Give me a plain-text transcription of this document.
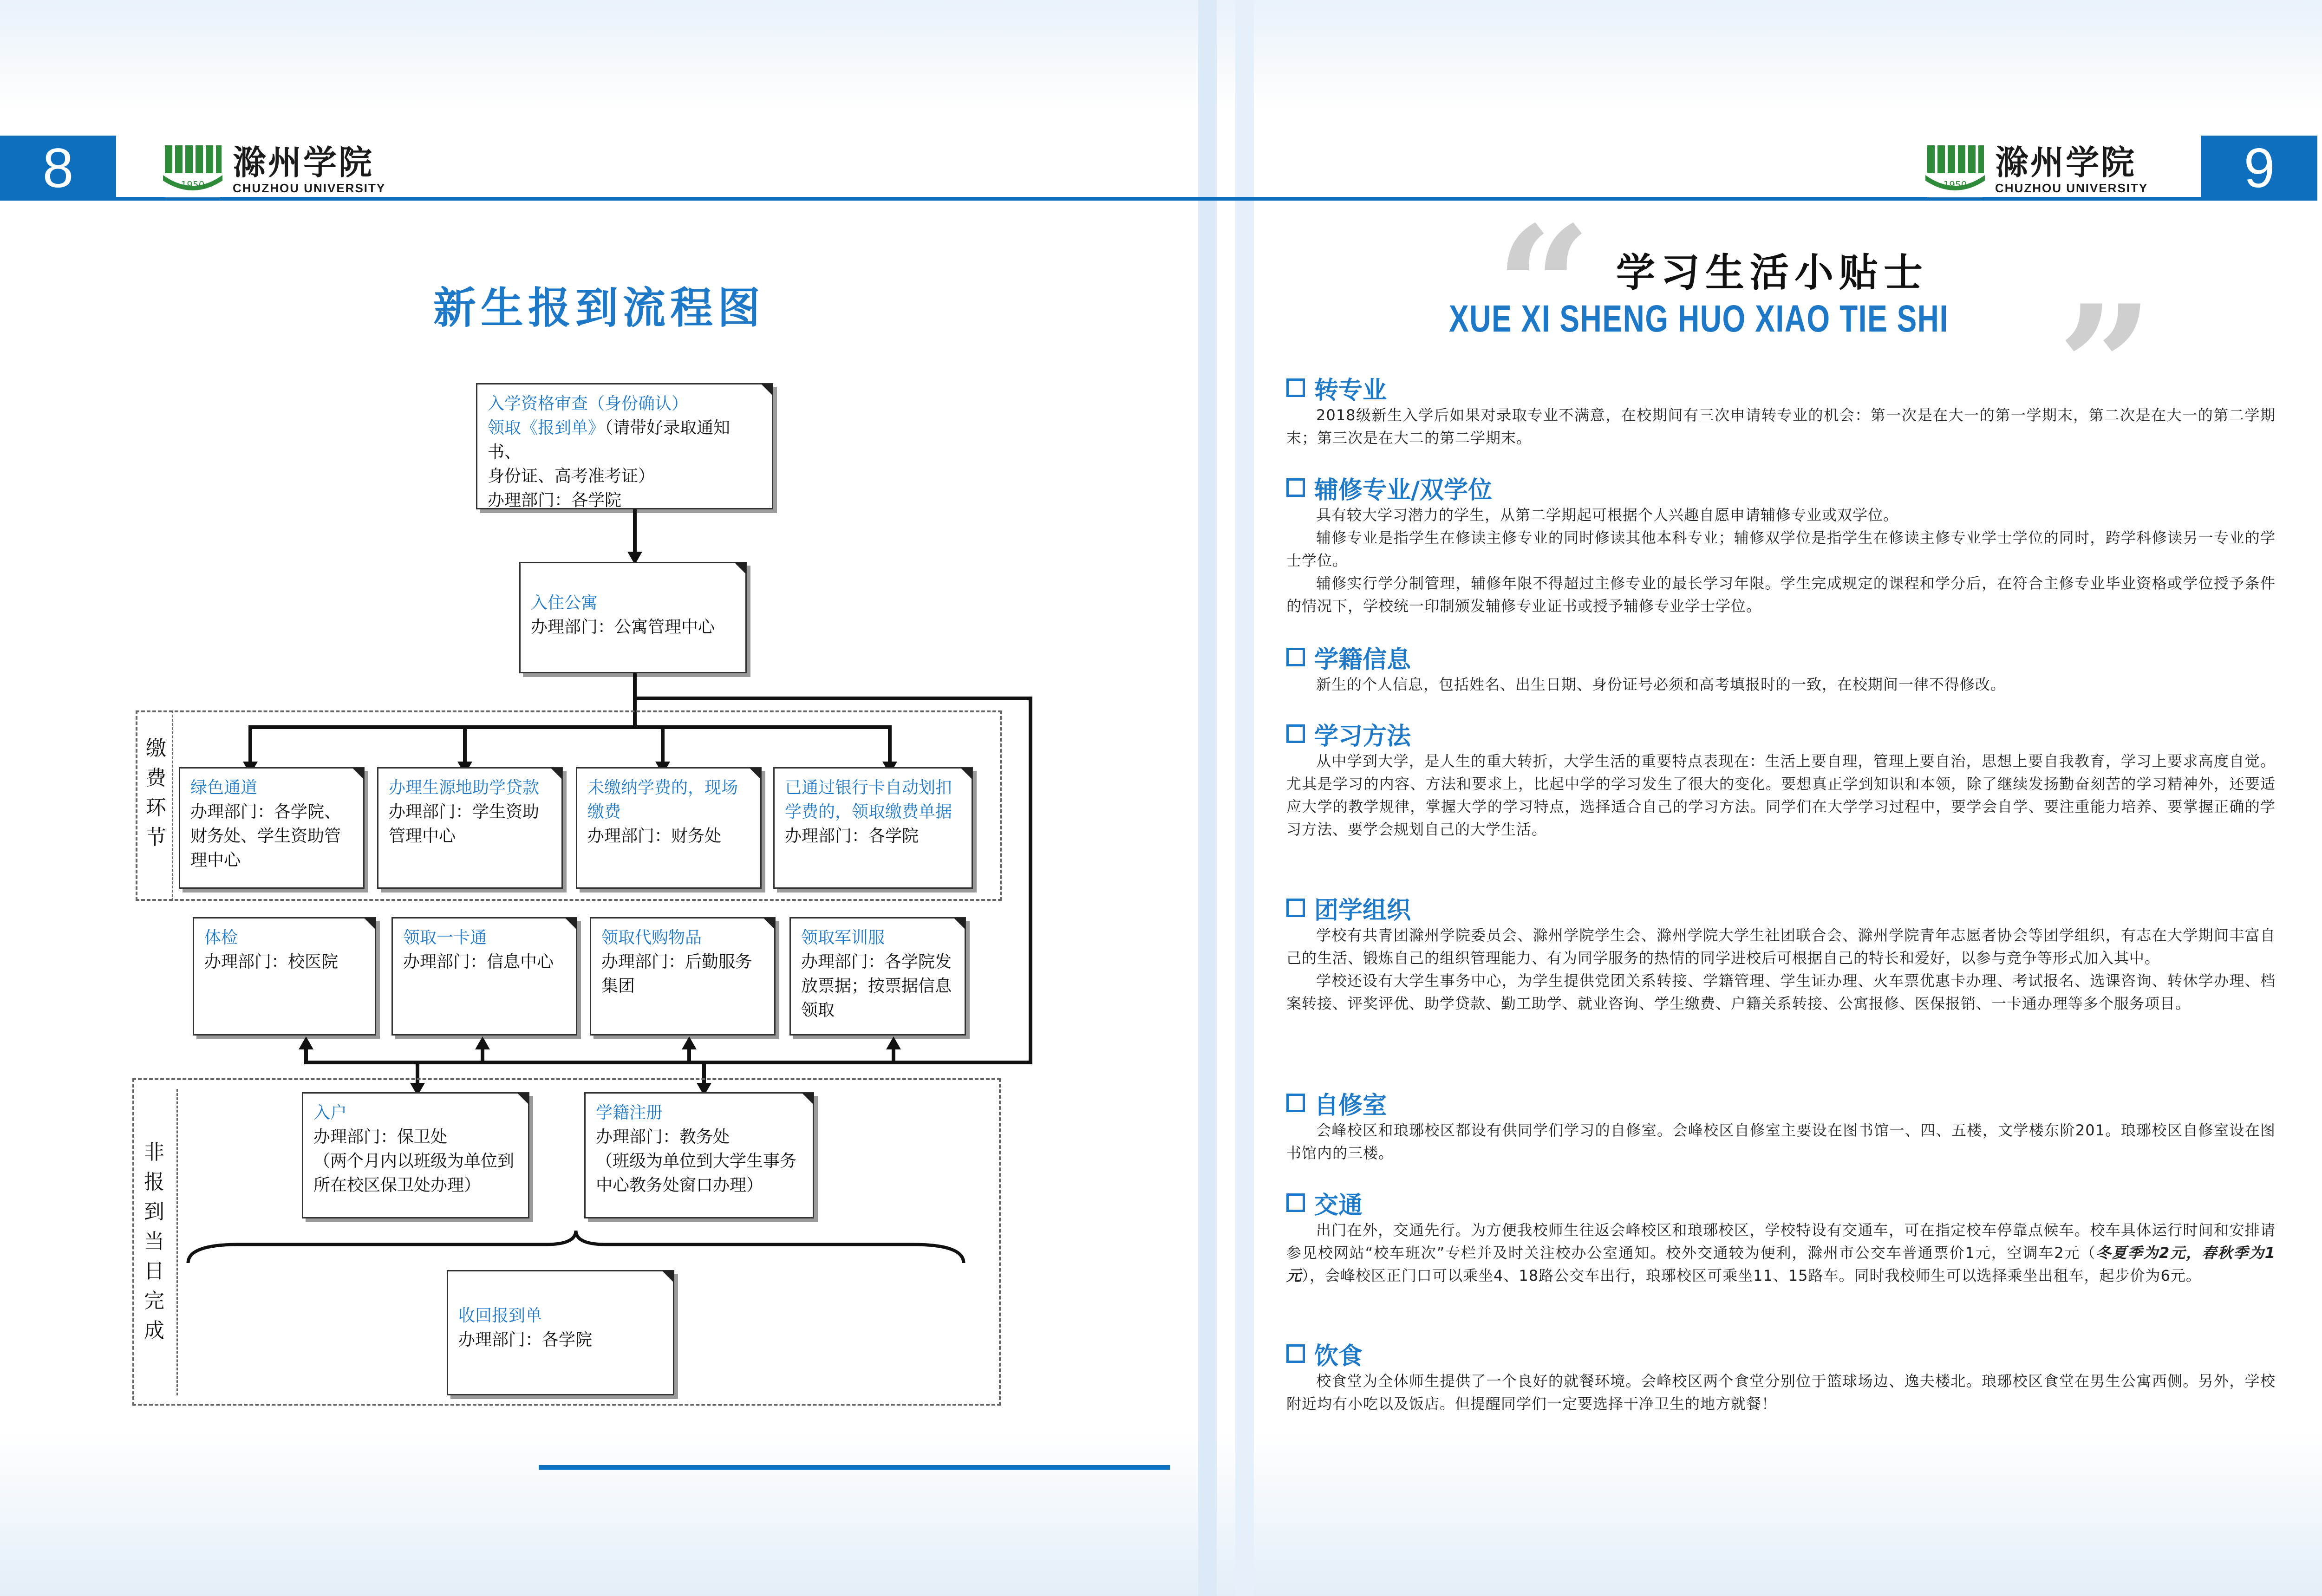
8	1950
滁州学院
CHUZHOU UNIVERSITY
新生报到流程图
入学资格审查（身份确认）
领取《报到单》（请带好录取通知书、
身份证、高考准考证）
办理部门：各学院
入住公寓
办理部门：公寓管理中心
缴费环节
绿色通道
办理部门：各学院、财务处、学生资助管理中心
办理生源地助学贷款
办理部门：学生资助管理中心
未缴纳学费的，现场缴费
办理部门：财务处
已通过银行卡自动划扣学费的，领取缴费单据
办理部门：各学院
体检
办理部门：校医院
领取一卡通
办理部门：信息中心
领取代购物品
办理部门：后勤服务集团
领取军训服
办理部门：各学院发放票据；按票据信息领取
非报到当日完成
入户
办理部门：保卫处
（两个月内以班级为单位到所在校区保卫处办理）
学籍注册
办理部门：教务处
（班级为单位到大学生事务中心教务处窗口办理）
收回报到单
办理部门：各学院
9
1950
滁州学院
CHUZHOU UNIVERSITY
“	”
学习生活小贴士
XUE XI SHENG HUO XIAO TIE SHI
转专业

2018级新生入学后如果对录取专业不满意，在校期间有三次申请转专业的机会：第一次是在大一的第一学期末，第二次是在大一的第二学期末；第三次是在大二的第二学期末。

辅修专业/双学位

具有较大学习潜力的学生，从第二学期起可根据个人兴趣自愿申请辅修专业或双学位。

辅修专业是指学生在修读主修专业的同时修读其他本科专业；辅修双学位是指学生在修读主修专业学士学位的同时，跨学科修读另一专业的学士学位。

辅修实行学分制管理，辅修年限不得超过主修专业的最长学习年限。学生完成规定的课程和学分后，在符合主修专业毕业资格或学位授予条件的情况下，学校统一印制颁发辅修专业证书或授予辅修专业学士学位。

学籍信息

新生的个人信息，包括姓名、出生日期、身份证号必须和高考填报时的一致，在校期间一律不得修改。

学习方法

从中学到大学，是人生的重大转折，大学生活的重要特点表现在：生活上要自理，管理上要自治，思想上要自我教育，学习上要求高度自觉。尤其是学习的内容、方法和要求上，比起中学的学习发生了很大的变化。要想真正学到知识和本领，除了继续发扬勤奋刻苦的学习精神外，还要适应大学的教学规律，掌握大学的学习特点，选择适合自己的学习方法。同学们在大学学习过程中，要学会自学、要注重能力培养、要掌握正确的学习方法、要学会规划自己的大学生活。

团学组织

学校有共青团滁州学院委员会、滁州学院学生会、滁州学院大学生社团联合会、滁州学院青年志愿者协会等团学组织，有志在大学期间丰富自己的生活、锻炼自己的组织管理能力、有为同学服务的热情的同学进校后可根据自己的特长和爱好，以参与竞争等形式加入其中。

学校还设有大学生事务中心，为学生提供党团关系转接、学籍管理、学生证办理、火车票优惠卡办理、考试报名、选课咨询、转休学办理、档案转接、评奖评优、助学贷款、勤工助学、就业咨询、学生缴费、户籍关系转接、公寓报修、医保报销、一卡通办理等多个服务项目。

自修室

会峰校区和琅琊校区都设有供同学们学习的自修室。会峰校区自修室主要设在图书馆一、四、五楼，文学楼东阶201。琅琊校区自修室设在图书馆内的三楼。

交通

出门在外，交通先行。为方便我校师生往返会峰校区和琅琊校区，学校特设有交通车，可在指定校车停靠点候车。校车具体运行时间和安排请参见校网站“校车班次”专栏并及时关注校办公室通知。校外交通较为便利，滁州市公交车普通票价1元，空调车2元（冬夏季为2元，春秋季为1元），会峰校区正门口可以乘坐4、18路公交车出行，琅琊校区可乘坐11、15路车。同时我校师生可以选择乘坐出租车，起步价为6元。

饮食

校食堂为全体师生提供了一个良好的就餐环境。会峰校区两个食堂分别位于篮球场边、逸夫楼北。琅琊校区食堂在男生公寓西侧。另外，学校附近均有小吃以及饭店。但提醒同学们一定要选择干净卫生的地方就餐！
